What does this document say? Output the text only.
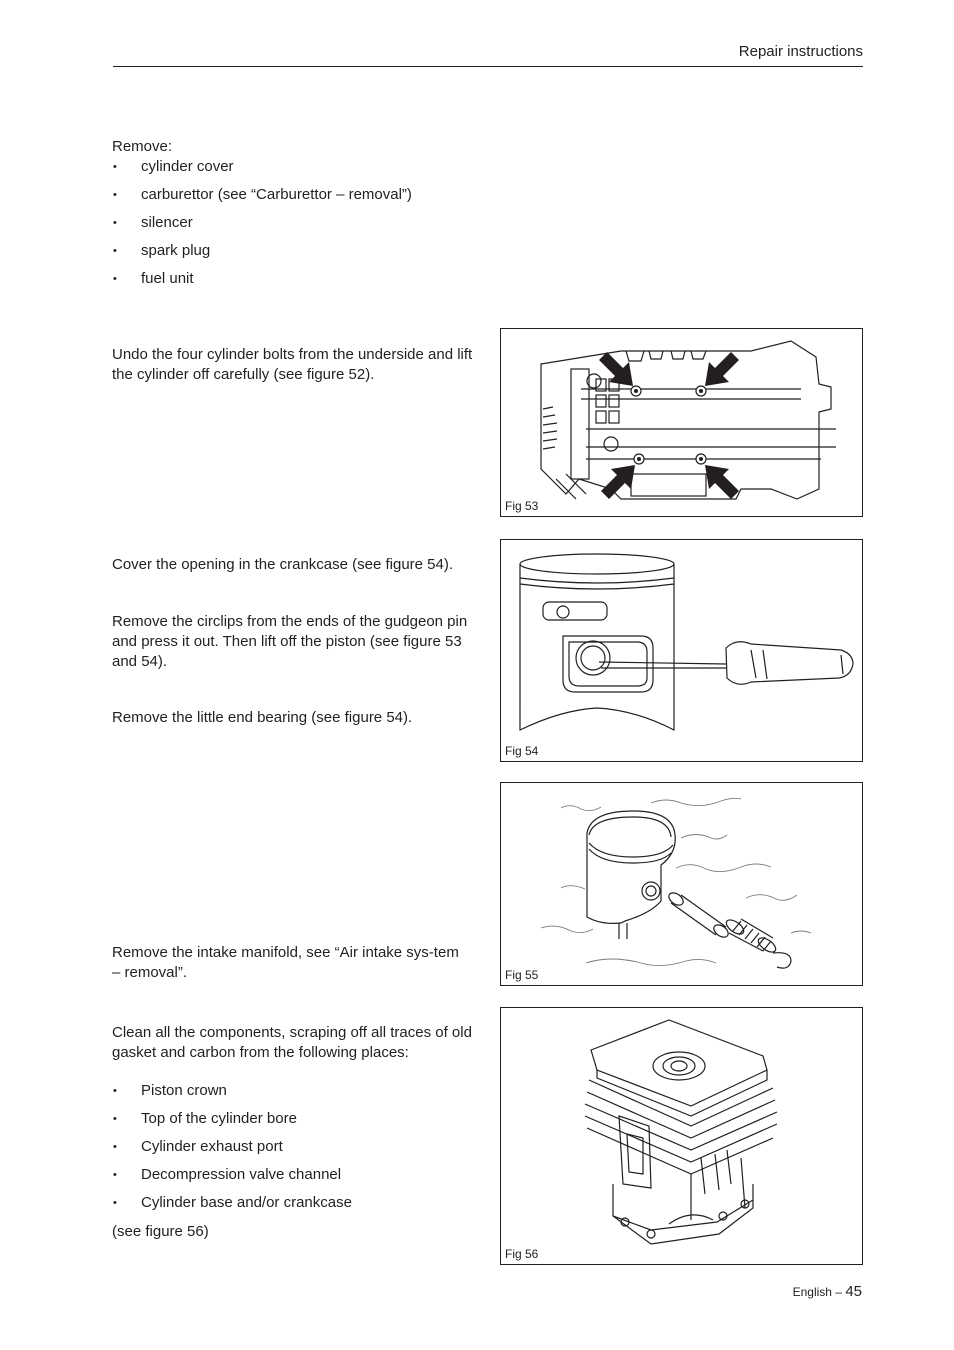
Repair instructions
Remove:
• cylinder cover
• carburettor (see “Carburettor – removal”)
• silencer
• spark plug
• fuel unit
Undo the four cylinder bolts from the underside and lift the cylinder off carefully (see figure 52).
Cover the opening in the crankcase (see figure 54).
Remove the circlips from the ends of the gudgeon pin and press it out. Then lift off the piston (see figure 53 and 54).
Remove the little end bearing (see figure 54).
Remove the intake manifold, see “Air intake sys-tem – removal”.
Clean all the components, scraping off all traces of old gasket and carbon from the following places:
• Piston crown
• Top of the cylinder bore
• Cylinder exhaust port
• Decompression valve channel
• Cylinder base and/or crankcase
(see figure 56)
Fig 53
Fig 54
Fig 55
Fig 56
English – 45
